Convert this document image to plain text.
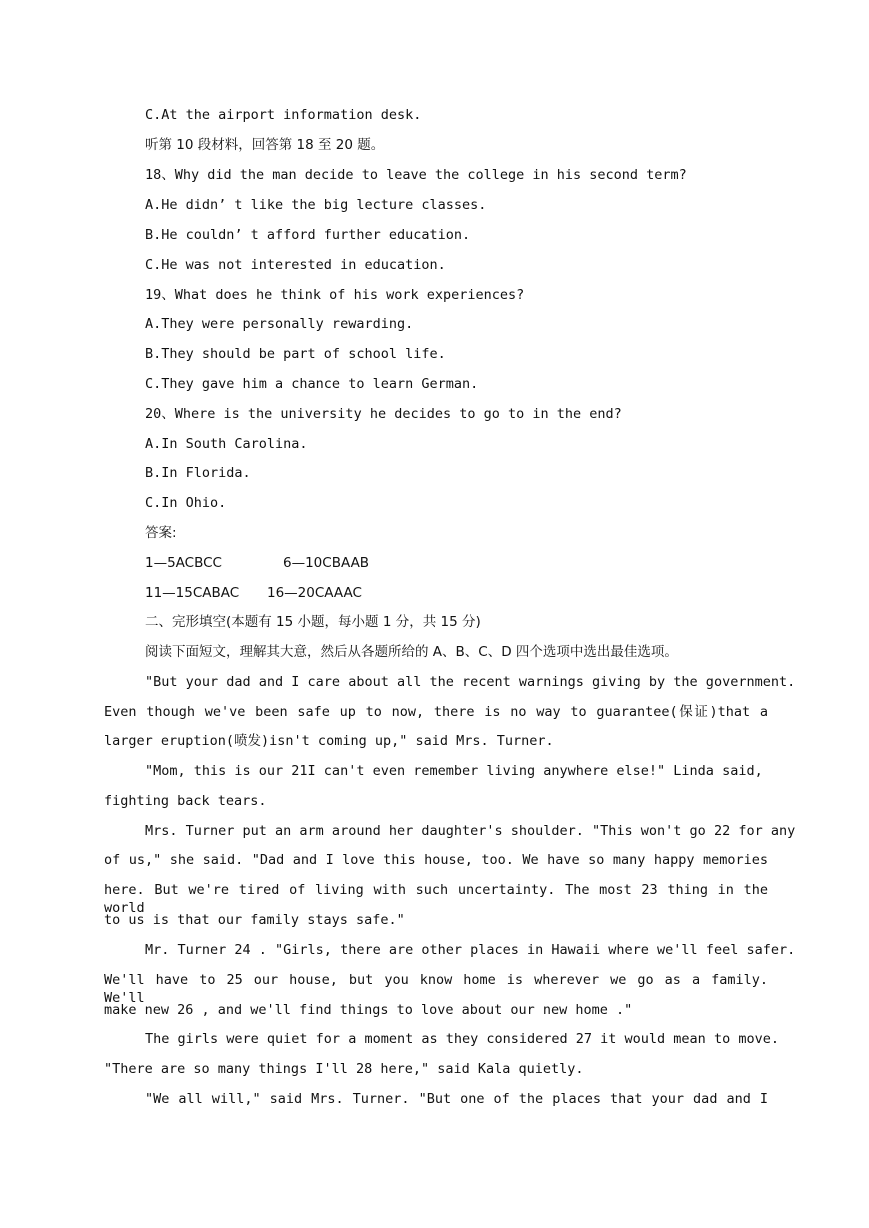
C.At the airport information desk.
听第 10 段材料，回答第 18 至 20 题。
18、Why did the man decide to leave the college in his second term?
A.He didn’ t like the big lecture classes.
B.He couldn’ t afford further education.
C.He was not interested in education.
19、What does he think of his work experiences?
A.They were personally rewarding.
B.They should be part of school life.
C.They gave him a chance to learn German.
20、Where is the university he decides to go to in the end?
A.In South Carolina.
B.In Florida.
C.In Ohio.
答案:
1—5ACBCC	6—10CBAAB
11—15CABAC 16—20CAAAC
二、完形填空(本题有 15 小题，每小题 1 分，共 15 分)
阅读下面短文，理解其大意，然后从各题所给的 A、B、C、D 四个选项中选出最佳选项。
"But your dad and I care about all the recent warnings giving by the government.
Even though we've been safe up to now, there is no way to guarantee(保证)that a
larger eruption(喷发)isn't coming up," said Mrs. Turner.
"Mom, this is our 21I can't even remember living anywhere else!" Linda said,
fighting back tears.
Mrs. Turner put an arm around her daughter's shoulder. "This won't go 22 for any
of us," she said. "Dad and I love this house, too. We have so many happy memories
here. But we're tired of living with such uncertainty. The most 23 thing in the world
to us is that our family stays safe."
Mr. Turner 24 . "Girls, there are other places in Hawaii where we'll feel safer.
We'll have to 25 our house, but you know home is wherever we go as a family. We'll
make new 26 , and we'll find things to love about our new home ."
The girls were quiet for a moment as they considered 27 it would mean to move.
"There are so many things I'll 28 here," said Kala quietly.
"We all will," said Mrs. Turner. "But one of the places that your dad and I
